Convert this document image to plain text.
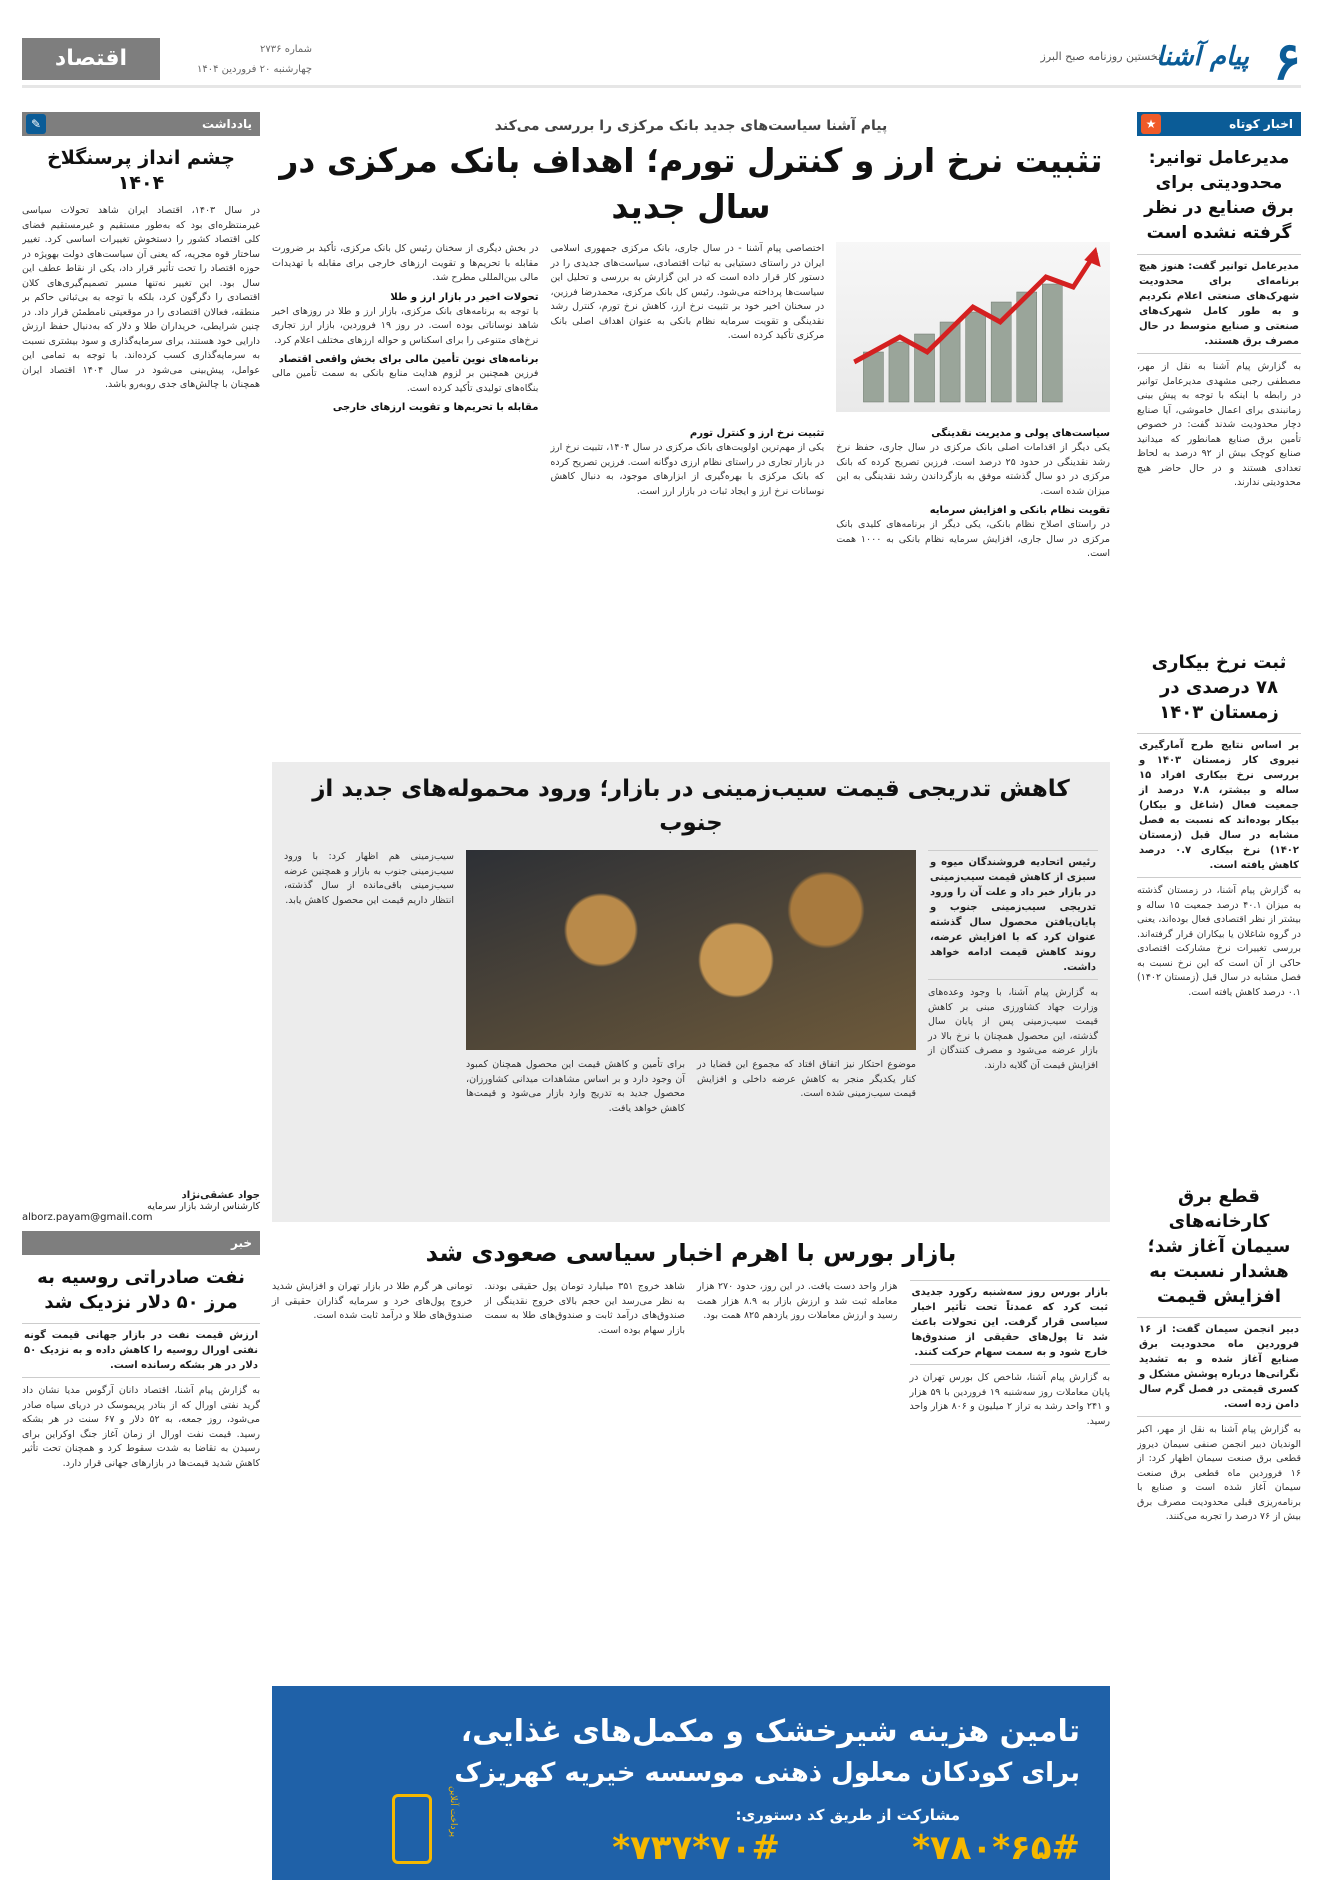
۶
پیام آشنا
نخستین روزنامه صبح البرز
شماره ۲۷۳۶
چهارشنبه ۲۰ فروردین ۱۴۰۴
اقتصاد
اخبار کوتاه
★
مدیرعامل توانیر: محدودیتی برای برق صنایع در نظر گرفته نشده است
مدیرعامل توانیر گفت: هنوز هیچ برنامه‌ای برای محدودیت شهرک‌های صنعتی اعلام نکردیم و به طور کامل شهرک‌های صنعتی و صنایع متوسط در حال مصرف برق هستند.
به گزارش پیام آشنا به نقل از مهر، مصطفی رجبی مشهدی مدیرعامل توانیر در رابطه با اینکه با توجه به پیش بینی زمانبندی برای اعمال خاموشی، آیا صنایع دچار محدودیت شدند گفت: در خصوص تأمین برق صنایع همانطور که میدانید صنایع کوچک بیش از ۹۲ درصد به لحاظ تعدادی هستند و در حال حاضر هیچ محدودیتی ندارند.
ثبت نرخ بیکاری ۷۸ درصدی در زمستان ۱۴۰۳
بر اساس نتایج طرح آمارگیری نیروی کار زمستان ۱۴۰۳ و بررسی نرخ بیکاری افراد ۱۵ ساله و بیشتر، ۷.۸ درصد از جمعیت فعال (شاغل و بیکار) بیکار بوده‌اند که نسبت به فصل مشابه در سال قبل (زمستان ۱۴۰۲) نرخ بیکاری ۰.۷ درصد کاهش یافته است.
به گزارش پیام آشنا، در زمستان گذشته به میزان ۴۰.۱ درصد جمعیت ۱۵ ساله و بیشتر از نظر اقتصادی فعال بوده‌اند، یعنی در گروه شاغلان یا بیکاران قرار گرفته‌اند. بررسی تغییرات نرخ مشارکت اقتصادی حاکی از آن است که این نرخ نسبت به فصل مشابه در سال قبل (زمستان ۱۴۰۲) ۰.۱ درصد کاهش یافته است.
قطع برق کارخانه‌های سیمان آغاز شد؛ هشدار نسبت به افزایش قیمت
دبیر انجمن سیمان گفت: از ۱۶ فروردین ماه محدودیت برق صنایع آغاز شده و به تشدید نگرانی‌ها درباره پوشش مشکل و کسری قیمتی در فصل گرم سال دامن زده است.
به گزارش پیام آشنا به نقل از مهر، اکبر الوندیان دبیر انجمن صنفی سیمان دیروز قطعی برق صنعت سیمان اظهار کرد: از ۱۶ فروردین ماه قطعی برق صنعت سیمان آغاز شده است و صنایع با برنامه‌ریزی قبلی محدودیت مصرف برق بیش از ۷۶ درصد را تجربه می‌کنند.
یادداشت
✎
چشم انداز پرسنگلاخ ۱۴۰۴
در سال ۱۴۰۳، اقتصاد ایران شاهد تحولات سیاسی غیرمنتظره‌ای بود که به‌طور مستقیم و غیرمستقیم فضای کلی اقتصاد کشور را دستخوش تغییرات اساسی کرد. تغییر ساختار قوه مجریه، که یعنی آن سیاست‌های دولت بهویژه در حوزه اقتصاد را تحت تأثیر قرار داد، یکی از نقاط عطف این سال بود. این تغییر نه‌تنها مسیر تصمیم‌گیری‌های کلان اقتصادی را دگرگون کرد، بلکه با توجه به بی‌ثباتی حاکم بر منطقه، فعالان اقتصادی را در موقعیتی نامطمئن قرار داد. در چنین شرایطی، خریداران طلا و دلار که به‌دنبال حفظ ارزش دارایی خود هستند، برای سرمایه‌گذاری و سود بیشتری نسبت به سرمایه‌گذاری کسب کرده‌اند. با توجه به تمامی این عوامل، پیش‌بینی می‌شود در سال ۱۴۰۴ اقتصاد ایران همچنان با چالش‌های جدی روبه‌رو باشد.
جواد عشقی‌نژاد
کارشناس ارشد بازار سرمایه
alborz.payam@gmail.com
خبر
نفت صادراتی روسیه به مرز ۵۰ دلار نزدیک شد
ارزش قیمت نفت در بازار جهانی قیمت گونه نفتی اورال روسیه را کاهش داده و به نزدیک ۵۰ دلار در هر بشکه رسانده است.
به گزارش پیام آشنا، اقتصاد دانان آرگوس مدیا نشان داد گرید نفتی اورال که از بنادر پریموسک در دریای سیاه صادر می‌شود، روز جمعه، به ۵۲ دلار و ۶۷ سنت در هر بشکه رسید. قیمت نفت اورال از زمان آغاز جنگ اوکراین برای رسیدن به تقاضا به شدت سقوط کرد و همچنان تحت تأثیر کاهش شدید قیمت‌ها در بازارهای جهانی قرار دارد.
پیام آشنا سیاست‌های جدید بانک مرکزی را بررسی می‌کند
تثبیت نرخ ارز و کنترل تورم؛ اهداف بانک مرکزی در سال جدید
اختصاصی پیام آشنا - در سال جاری، بانک مرکزی جمهوری اسلامی ایران در راستای دستیابی به ثبات اقتصادی، سیاست‌های جدیدی را در دستور کار قرار داده است که در این گزارش به بررسی و تحلیل این سیاست‌ها پرداخته می‌شود. رئیس کل بانک مرکزی، محمدرضا فرزین، در سخنان اخیر خود بر تثبیت نرخ ارز، کاهش نرخ تورم، کنترل رشد نقدینگی و تقویت سرمایه نظام بانکی به عنوان اهداف اصلی بانک مرکزی تأکید کرده است.
سیاست‌های پولی و مدیریت نقدینگی
یکی دیگر از اقدامات اصلی بانک مرکزی در سال جاری، حفظ نرخ رشد نقدینگی در حدود ۲۵ درصد است. فرزین تصریح کرده که بانک مرکزی در دو سال گذشته موفق به بازگرداندن رشد نقدینگی به این میزان شده است.
تقویت نظام بانکی و افزایش سرمایه
در راستای اصلاح نظام بانکی، یکی دیگر از برنامه‌های کلیدی بانک مرکزی در سال جاری، افزایش سرمایه نظام بانکی به ۱۰۰۰ همت است.
تثبیت نرخ ارز و کنترل تورم
یکی از مهم‌ترین اولویت‌های بانک مرکزی در سال ۱۴۰۴، تثبیت نرخ ارز در بازار تجاری در راستای نظام ارزی دوگانه است. فرزین تصریح کرده که بانک مرکزی با بهره‌گیری از ابزارهای موجود، به دنبال کاهش نوسانات نرخ ارز و ایجاد ثبات در بازار ارز است.
در بخش دیگری از سخنان رئیس کل بانک مرکزی، تأکید بر ضرورت مقابله با تحریم‌ها و تقویت ارزهای خارجی برای مقابله با تهدیدات مالی بین‌المللی مطرح شد.
تحولات اخیر در بازار ارز و طلا
با توجه به برنامه‌های بانک مرکزی، بازار ارز و طلا در روزهای اخیر شاهد نوساناتی بوده است. در روز ۱۹ فروردین، بازار ارز تجاری نرخ‌های متنوعی را برای اسکناس و حواله ارزهای مختلف اعلام کرد.
برنامه‌های نوین تأمین مالی برای بخش واقعی اقتصاد
فرزین همچنین بر لزوم هدایت منابع بانکی به سمت تأمین مالی بنگاه‌های تولیدی تأکید کرده است.
مقابله با تحریم‌ها و تقویت ارزهای خارجی
کاهش تدریجی قیمت سیب‌زمینی در بازار؛ ورود محموله‌های جدید از جنوب
رئیس اتحادیه فروشندگان میوه و سبزی از کاهش قیمت سیب‌زمینی در بازار خبر داد و علت آن را ورود تدریجی سیب‌زمینی جنوب و پایان‌یافتن محصول سال گذشته عنوان کرد که با افزایش عرضه، روند کاهش قیمت ادامه خواهد داشت.
به گزارش پیام آشنا، با وجود وعده‌های وزارت جهاد کشاورزی مبنی بر کاهش قیمت سیب‌زمینی پس از پایان سال گذشته، این محصول همچنان با نرخ بالا در بازار عرضه می‌شود و مصرف کنندگان از افزایش قیمت آن گلایه دارند.
موضوع احتکار نیز اتفاق افتاد که مجموع این قضایا در کنار یکدیگر منجر به کاهش عرضه داخلی و افزایش قیمت سیب‌زمینی شده است.
برای تأمین و کاهش قیمت این محصول همچنان کمبود آن وجود دارد و بر اساس مشاهدات میدانی کشاورزان، محصول جدید به تدریج وارد بازار می‌شود و قیمت‌ها کاهش خواهد یافت.
سیب‌زمینی هم اظهار کرد: با ورود سیب‌زمینی جنوب به بازار و همچنین عرضه سیب‌زمینی باقی‌مانده از سال گذشته، انتظار داریم قیمت این محصول کاهش یابد.
بازار بورس با اهرم اخبار سیاسی صعودی شد
بازار بورس روز سه‌شنبه رکورد جدیدی ثبت کرد که عمدتاً تحت تأثیر اخبار سیاسی قرار گرفت. این تحولات باعث شد تا پول‌های حقیقی از صندوق‌ها خارج شود و به سمت سهام حرکت کنند.
به گزارش پیام آشنا، شاخص کل بورس تهران در پایان معاملات روز سه‌شنبه ۱۹ فروردین با ۵۹ هزار و ۲۴۱ واحد رشد به تراز ۲ میلیون و ۸۰۶ هزار واحد رسید.
هزار واحد دست یافت. در این روز، حدود ۲۷۰ هزار معامله ثبت شد و ارزش بازار به ۸.۹ هزار همت رسید و ارزش معاملات روز یازدهم ۸۲۵ همت بود.
شاهد خروج ۳۵۱ میلیارد تومان پول حقیقی بودند. به نظر می‌رسد این حجم بالای خروج نقدینگی از صندوق‌های درآمد ثابت و صندوق‌های طلا به سمت بازار سهام بوده است.
تومانی هر گرم طلا در بازار تهران و افزایش شدید خروج پول‌های خرد و سرمایه گذاران حقیقی از صندوق‌های طلا و درآمد ثابت شده است.
تامین هزینه شیرخشک و مکمل‌های غذایی،
برای کودکان معلول ذهنی موسسه خیریه کهریزک
مشارکت از طریق کد دستوری:
*۷۸۰*۶۵#
*۷۳۷*۷۰#
پرداخت آنلاین
